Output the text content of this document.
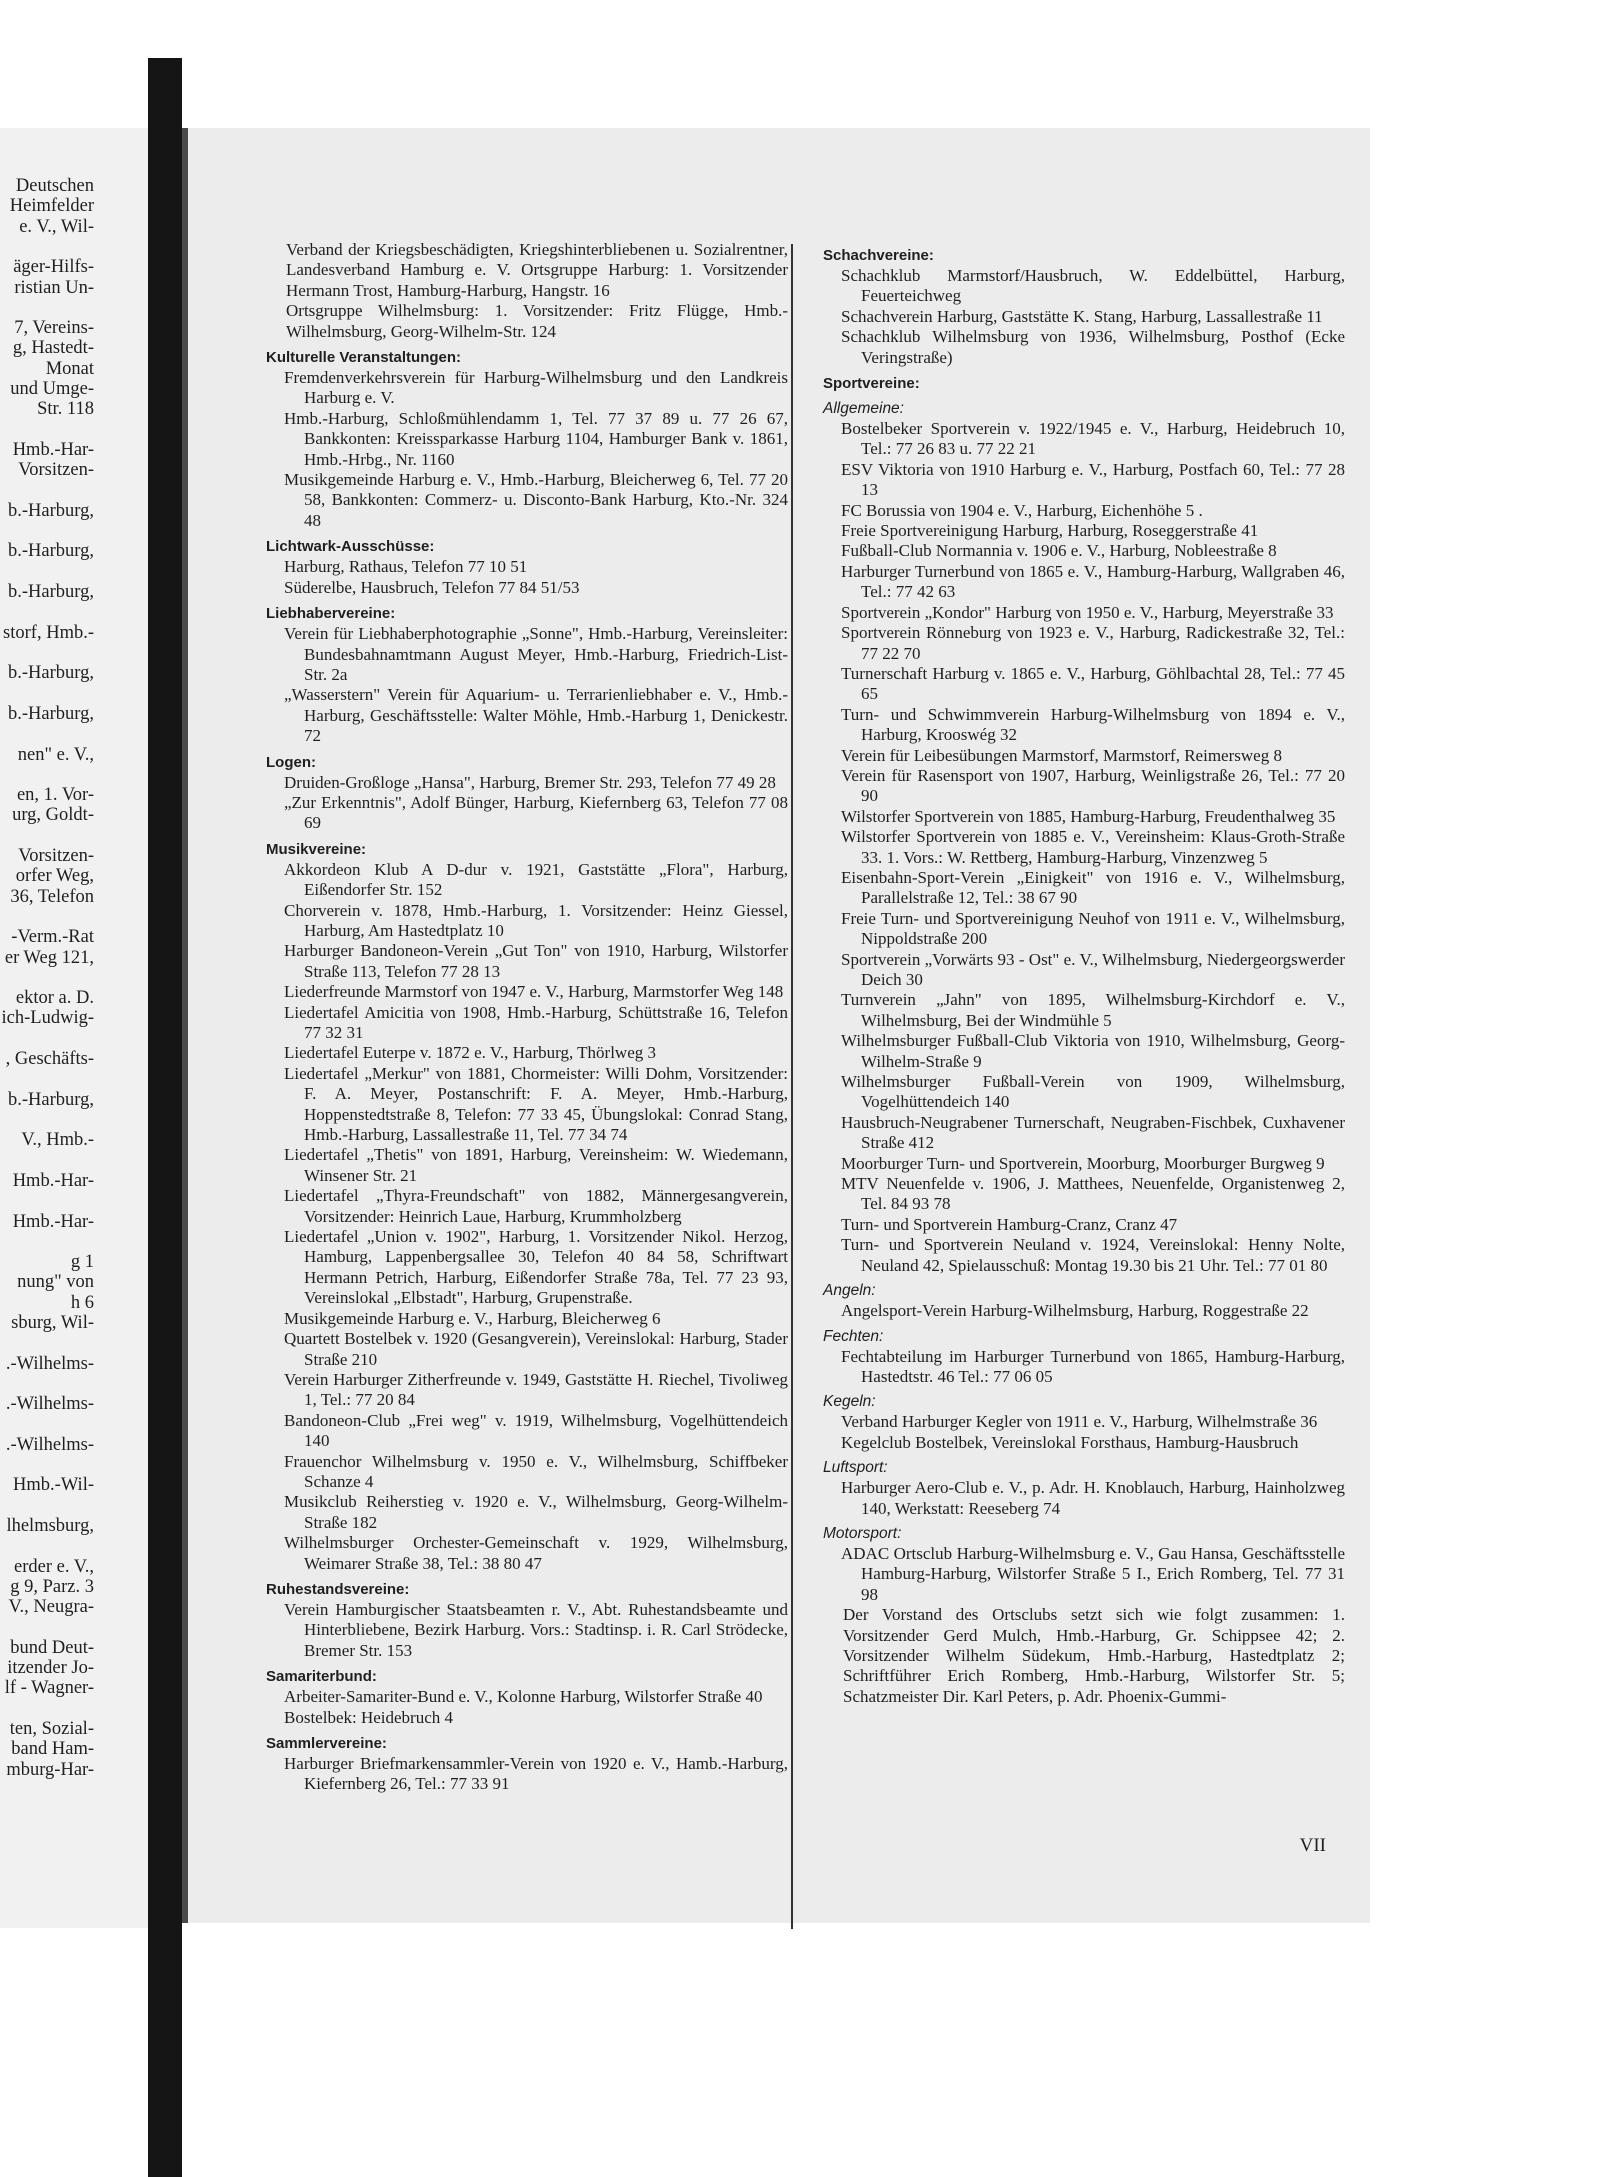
Deutschen
Heimfelder
e. V., Wil-
äger-Hilfs-
ristian Un-
7, Vereins-
g, Hastedt-
Monat
und Umge-
Str. 118
Hmb.-Har-
Vorsitzen-
b.-Harburg,
b.-Harburg,
b.-Harburg,
storf, Hmb.-
b.-Harburg,
b.-Harburg,
nen" e. V.,
en, 1. Vor-
urg, Goldt-
Vorsitzen-
orfer Weg,
36, Telefon
-Verm.-Rat
er Weg 121,
ektor a. D.
ich-Ludwig-
, Geschäfts-
b.-Harburg,
V., Hmb.-
Hmb.-Har-
Hmb.-Har-
g 1
nung" von
h 6
sburg, Wil-
.-Wilhelms-
.-Wilhelms-
.-Wilhelms-
Hmb.-Wil-
lhelmsburg,
erder e. V.,
g 9, Parz. 3
V., Neugra-
bund Deut-
itzender Jo-
lf - Wagner-
ten, Sozial-
band Ham-
mburg-Har-
Verband der Kriegsbeschädigten, Kriegshinterbliebenen u. Sozialrentner, Landesverband Hamburg e. V. Ortsgruppe Harburg: 1. Vorsitzender Hermann Trost, Hamburg-Harburg, Hangstr. 16
Ortsgruppe Wilhelmsburg: 1. Vorsitzender: Fritz Flügge, Hmb.-Wilhelmsburg, Georg-Wilhelm-Str. 124
Kulturelle Veranstaltungen:
Fremdenverkehrsverein für Harburg-Wilhelmsburg und den Landkreis Harburg e. V.
Hmb.-Harburg, Schloßmühlendamm 1, Tel. 77 37 89 u. 77 26 67, Bankkonten: Kreissparkasse Harburg 1104, Hamburger Bank v. 1861, Hmb.-Hrbg., Nr. 1160
Musikgemeinde Harburg e. V., Hmb.-Harburg, Bleicherweg 6, Tel. 77 20 58, Bankkonten: Commerz- u. Disconto-Bank Harburg, Kto.-Nr. 324 48
Lichtwark-Ausschüsse:
Harburg, Rathaus, Telefon 77 10 51
Süderelbe, Hausbruch, Telefon 77 84 51/53
Liebhabervereine:
Verein für Liebhaberphotographie „Sonne", Hmb.-Harburg, Vereinsleiter: Bundesbahnamtmann August Meyer, Hmb.-Harburg, Friedrich-List-Str. 2a
„Wasserstern" Verein für Aquarium- u. Terrarienliebhaber e. V., Hmb.-Harburg, Geschäftsstelle: Walter Möhle, Hmb.-Harburg 1, Denickestr. 72
Logen:
Druiden-Großloge „Hansa", Harburg, Bremer Str. 293, Telefon 77 49 28
„Zur Erkenntnis", Adolf Bünger, Harburg, Kiefernberg 63, Telefon 77 08 69
Musikvereine:
Akkordeon Klub A D-dur v. 1921, Gaststätte „Flora", Harburg, Eißendorfer Str. 152
Chorverein v. 1878, Hmb.-Harburg, 1. Vorsitzender: Heinz Giessel, Harburg, Am Hastedtplatz 10
Harburger Bandoneon-Verein „Gut Ton" von 1910, Harburg, Wilstorfer Straße 113, Telefon 77 28 13
Liederfreunde Marmstorf von 1947 e. V., Harburg, Marmstorfer Weg 148
Liedertafel Amicitia von 1908, Hmb.-Harburg, Schüttstraße 16, Telefon 77 32 31
Liedertafel Euterpe v. 1872 e. V., Harburg, Thörlweg 3
Liedertafel „Merkur" von 1881, Chormeister: Willi Dohm, Vorsitzender: F. A. Meyer, Postanschrift: F. A. Meyer, Hmb.-Harburg, Hoppenstedtstraße 8, Telefon: 77 33 45, Übungslokal: Conrad Stang, Hmb.-Harburg, Lassallestraße 11, Tel. 77 34 74
Liedertafel „Thetis" von 1891, Harburg, Vereinsheim: W. Wiedemann, Winsener Str. 21
Liedertafel „Thyra-Freundschaft" von 1882, Männergesangverein, Vorsitzender: Heinrich Laue, Harburg, Krummholzberg
Liedertafel „Union v. 1902", Harburg, 1. Vorsitzender Nikol. Herzog, Hamburg, Lappenbergsallee 30, Telefon 40 84 58, Schriftwart Hermann Petrich, Harburg, Eißendorfer Straße 78a, Tel. 77 23 93, Vereinslokal „Elbstadt", Harburg, Grupenstraße.
Musikgemeinde Harburg e. V., Harburg, Bleicherweg 6
Quartett Bostelbek v. 1920 (Gesangverein), Vereinslokal: Harburg, Stader Straße 210
Verein Harburger Zitherfreunde v. 1949, Gaststätte H. Riechel, Tivoliweg 1, Tel.: 77 20 84
Bandoneon-Club „Frei weg" v. 1919, Wilhelmsburg, Vogelhüttendeich 140
Frauenchor Wilhelmsburg v. 1950 e. V., Wilhelmsburg, Schiffbeker Schanze 4
Musikclub Reiherstieg v. 1920 e. V., Wilhelmsburg, Georg-Wilhelm-Straße 182
Wilhelmsburger Orchester-Gemeinschaft v. 1929, Wilhelmsburg, Weimarer Straße 38, Tel.: 38 80 47
Ruhestandsvereine:
Verein Hamburgischer Staatsbeamten r. V., Abt. Ruhestandsbeamte und Hinterbliebene, Bezirk Harburg. Vors.: Stadtinsp. i. R. Carl Strödecke, Bremer Str. 153
Samariterbund:
Arbeiter-Samariter-Bund e. V., Kolonne Harburg, Wilstorfer Straße 40
Bostelbek: Heidebruch 4
Sammlervereine:
Harburger Briefmarkensammler-Verein von 1920 e. V., Hamb.-Harburg, Kiefernberg 26, Tel.: 77 33 91
Schachvereine:
Schachklub Marmstorf/Hausbruch, W. Eddelbüttel, Harburg, Feuerteichweg
Schachverein Harburg, Gaststätte K. Stang, Harburg, Lassallestraße 11
Schachklub Wilhelmsburg von 1936, Wilhelmsburg, Posthof (Ecke Veringstraße)
Sportvereine:
Allgemeine:
Bostelbeker Sportverein v. 1922/1945 e. V., Harburg, Heidebruch 10, Tel.: 77 26 83 u. 77 22 21
ESV Viktoria von 1910 Harburg e. V., Harburg, Postfach 60, Tel.: 77 28 13
FC Borussia von 1904 e. V., Harburg, Eichenhöhe 5 .
Freie Sportvereinigung Harburg, Harburg, Roseggerstraße 41
Fußball-Club Normannia v. 1906 e. V., Harburg, Nobleestraße 8
Harburger Turnerbund von 1865 e. V., Hamburg-Harburg, Wallgraben 46, Tel.: 77 42 63
Sportverein „Kondor" Harburg von 1950 e. V., Harburg, Meyerstraße 33
Sportverein Rönneburg von 1923 e. V., Harburg, Radickestraße 32, Tel.: 77 22 70
Turnerschaft Harburg v. 1865 e. V., Harburg, Göhlbachtal 28, Tel.: 77 45 65
Turn- und Schwimmverein Harburg-Wilhelmsburg von 1894 e. V., Harburg, Krooswég 32
Verein für Leibesübungen Marmstorf, Marmstorf, Reimersweg 8
Verein für Rasensport von 1907, Harburg, Weinligstraße 26, Tel.: 77 20 90
Wilstorfer Sportverein von 1885, Hamburg-Harburg, Freudenthalweg 35
Wilstorfer Sportverein von 1885 e. V., Vereinsheim: Klaus-Groth-Straße 33. 1. Vors.: W. Rettberg, Hamburg-Harburg, Vinzenzweg 5
Eisenbahn-Sport-Verein „Einigkeit" von 1916 e. V., Wilhelmsburg, Parallelstraße 12, Tel.: 38 67 90
Freie Turn- und Sportvereinigung Neuhof von 1911 e. V., Wilhelmsburg, Nippoldstraße 200
Sportverein „Vorwärts 93 - Ost" e. V., Wilhelmsburg, Niedergeorgswerder Deich 30
Turnverein „Jahn" von 1895, Wilhelmsburg-Kirchdorf e. V., Wilhelmsburg, Bei der Windmühle 5
Wilhelmsburger Fußball-Club Viktoria von 1910, Wilhelmsburg, Georg-Wilhelm-Straße 9
Wilhelmsburger Fußball-Verein von 1909, Wilhelmsburg, Vogelhüttendeich 140
Hausbruch-Neugrabener Turnerschaft, Neugraben-Fischbek, Cuxhavener Straße 412
Moorburger Turn- und Sportverein, Moorburg, Moorburger Burgweg 9
MTV Neuenfelde v. 1906, J. Matthees, Neuenfelde, Organistenweg 2, Tel. 84 93 78
Turn- und Sportverein Hamburg-Cranz, Cranz 47
Turn- und Sportverein Neuland v. 1924, Vereinslokal: Henny Nolte, Neuland 42, Spielausschuß: Montag 19.30 bis 21 Uhr. Tel.: 77 01 80
Angeln:
Angelsport-Verein Harburg-Wilhelmsburg, Harburg, Roggestraße 22
Fechten:
Fechtabteilung im Harburger Turnerbund von 1865, Hamburg-Harburg, Hastedtstr. 46 Tel.: 77 06 05
Kegeln:
Verband Harburger Kegler von 1911 e. V., Harburg, Wilhelmstraße 36
Kegelclub Bostelbek, Vereinslokal Forsthaus, Hamburg-Hausbruch
Luftsport:
Harburger Aero-Club e. V., p. Adr. H. Knoblauch, Harburg, Hainholzweg 140, Werkstatt: Reeseberg 74
Motorsport:
ADAC Ortsclub Harburg-Wilhelmsburg e. V., Gau Hansa, Geschäftsstelle Hamburg-Harburg, Wilstorfer Straße 5 I., Erich Romberg, Tel. 77 31 98
Der Vorstand des Ortsclubs setzt sich wie folgt zusammen: 1. Vorsitzender Gerd Mulch, Hmb.-Harburg, Gr. Schippsee 42; 2. Vorsitzender Wilhelm Südekum, Hmb.-Harburg, Hastedtplatz 2; Schriftführer Erich Romberg, Hmb.-Harburg, Wilstorfer Str. 5; Schatzmeister Dir. Karl Peters, p. Adr. Phoenix-Gummi-
VII
